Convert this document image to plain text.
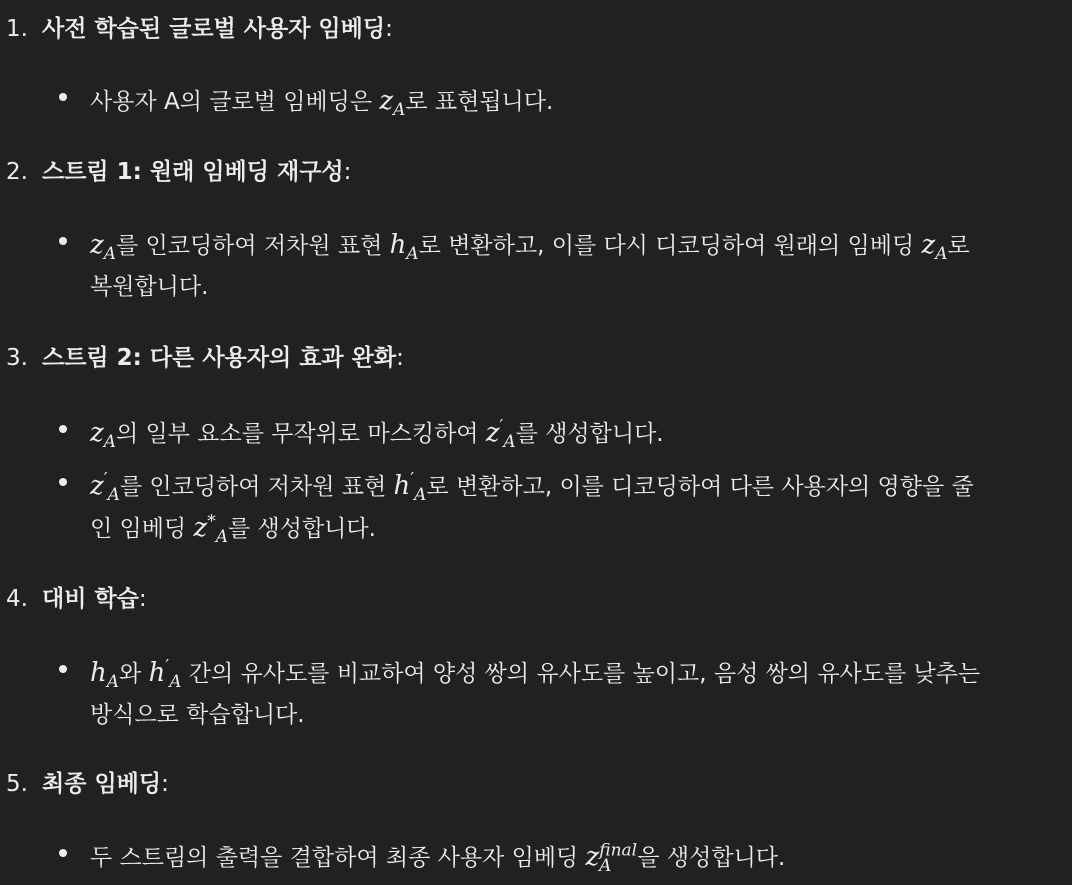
1. 사전 학습된 글로벌 사용자 임베딩:
사용자 A의 글로벌 임베딩은 $z_A$로 표현됩니다.
2. 스트림 1: 원래 임베딩 재구성:
$z_A$를 인코딩하여 저차원 표현 $h_A$로 변환하고, 이를 다시 디코딩하여 원래의 임베딩 $z_A$로
복원합니다.
3. 스트림 2: 다른 사용자의 효과 완화:
$z_A$의 일부 요소를 무작위로 마스킹하여 $z'_A$를 생성합니다.
$z'_A$를 인코딩하여 저차원 표현 $h'_A$로 변환하고, 이를 디코딩하여 다른 사용자의 영향을 줄
인 임베딩 $z^*_A$를 생성합니다.
4. 대비 학습:
$h_A$와 $h'_A$ 간의 유사도를 비교하여 양성 쌍의 유사도를 높이고, 음성 쌍의 유사도를 낮추는
방식으로 학습합니다.
5. 최종 임베딩:
두 스트림의 출력을 결합하여 최종 사용자 임베딩 $z^{final}_A$ 을 생성합니다.
